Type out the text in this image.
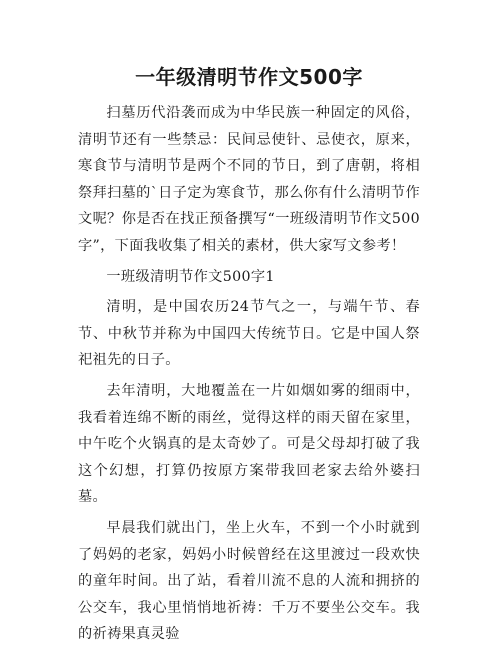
一年级清明节作文500字

扫墓历代沿袭而成为中华民族一种固定的风俗，清明节还有一些禁忌：民间忌使针、忌使衣，原来，寒食节与清明节是两个不同的节日，到了唐朝，将相祭拜扫墓的`日子定为寒食节，那么你有什么清明节作文呢？你是否在找正预备撰写“一班级清明节作文500字”，下面我收集了相关的素材，供大家写文参考！

一班级清明节作文500字1

清明，是中国农历24节气之一，与端午节、春节、中秋节并称为中国四大传统节日。它是中国人祭祀祖先的日子。

去年清明，大地覆盖在一片如烟如雾的细雨中，我看着连绵不断的雨丝，觉得这样的雨天留在家里，中午吃个火锅真的是太奇妙了。可是父母却打破了我这个幻想，打算仍按原方案带我回老家去给外婆扫墓。

早晨我们就出门，坐上火车，不到一个小时就到了妈妈的老家，妈妈小时候曾经在这里渡过一段欢快的童年时间。出了站，看着川流不息的人流和拥挤的公交车，我心里悄悄地祈祷：千万不要坐公交车。我的祈祷果真灵验
